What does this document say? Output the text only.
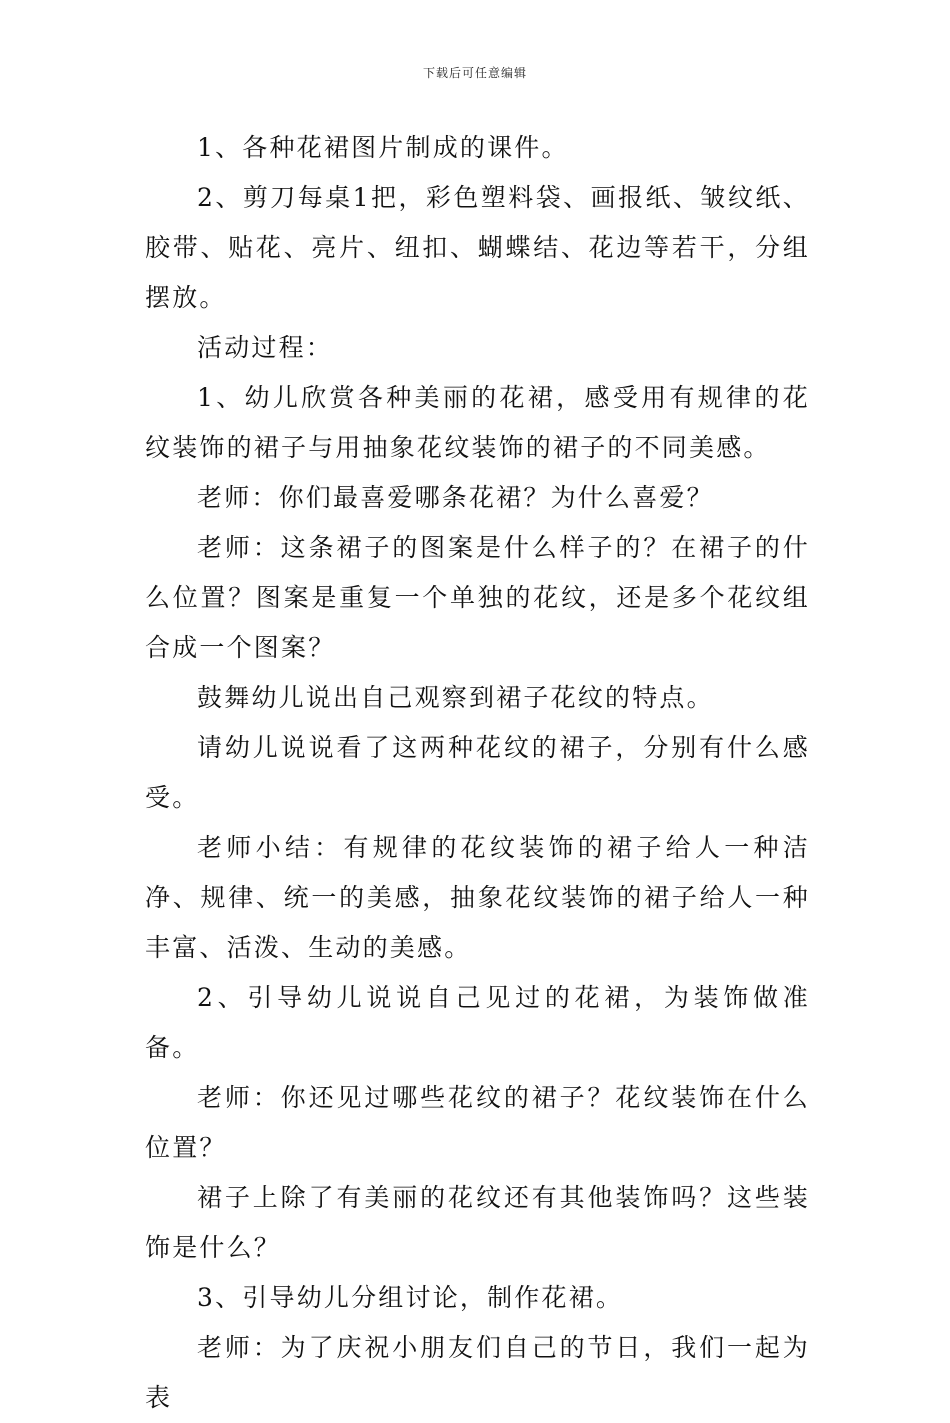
下载后可任意编辑

1、各种花裙图片制成的课件。

2、剪刀每桌1把，彩色塑料袋、画报纸、皱纹纸、胶带、贴花、亮片、纽扣、蝴蝶结、花边等若干，分组摆放。

活动过程：

1、幼儿欣赏各种美丽的花裙，感受用有规律的花纹装饰的裙子与用抽象花纹装饰的裙子的不同美感。

老师：你们最喜爱哪条花裙？为什么喜爱？

老师：这条裙子的图案是什么样子的？在裙子的什么位置？图案是重复一个单独的花纹，还是多个花纹组合成一个图案？

鼓舞幼儿说出自己观察到裙子花纹的特点。

请幼儿说说看了这两种花纹的裙子，分别有什么感受。

老师小结：有规律的花纹装饰的裙子给人一种洁净、规律、统一的美感，抽象花纹装饰的裙子给人一种丰富、活泼、生动的美感。

2、引导幼儿说说自己见过的花裙，为装饰做准备。

老师：你还见过哪些花纹的裙子？花纹装饰在什么位置？

裙子上除了有美丽的花纹还有其他装饰吗？这些装饰是什么？

3、引导幼儿分组讨论，制作花裙。

老师：为了庆祝小朋友们自己的节日，我们一起为表
